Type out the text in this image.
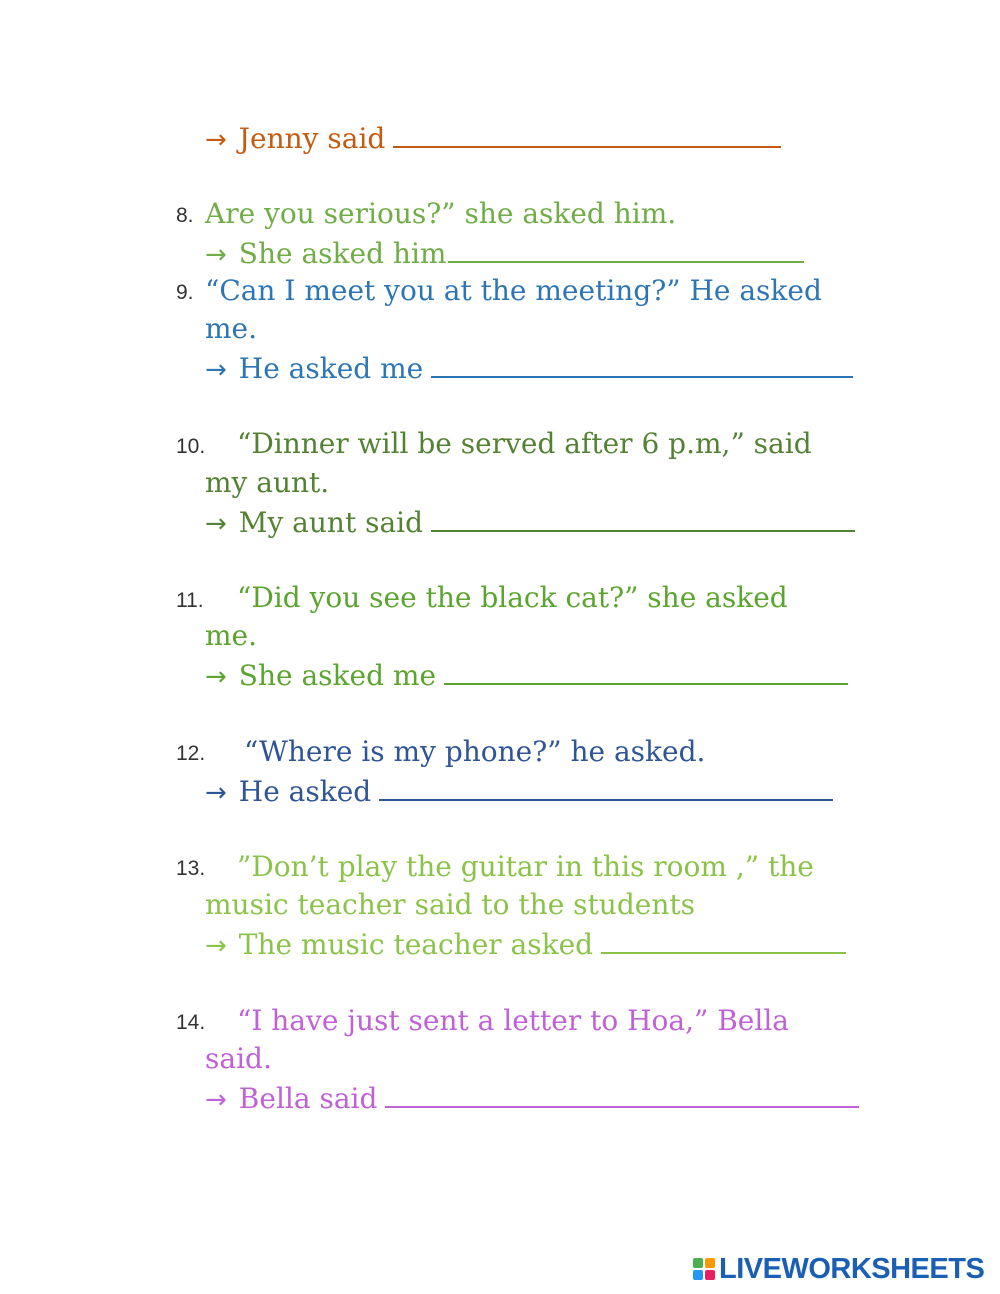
→ Jenny said
8. Are you serious?” she asked him.
→ She asked him
9. “Can I meet you at the meeting?” He asked
me.
→ He asked me
10. “Dinner will be served after 6 p.m,” said
my aunt.
→ My aunt said
11. “Did you see the black cat?” she asked
me.
→ She asked me
12. “Where is my phone?” he asked.
→ He asked
13. ”Don’t play the guitar in this room ,” the
music teacher said to the students
→ The music teacher asked
14. “I have just sent a letter to Hoa,” Bella
said.
→ Bella said
LIVEWORKSHEETS
